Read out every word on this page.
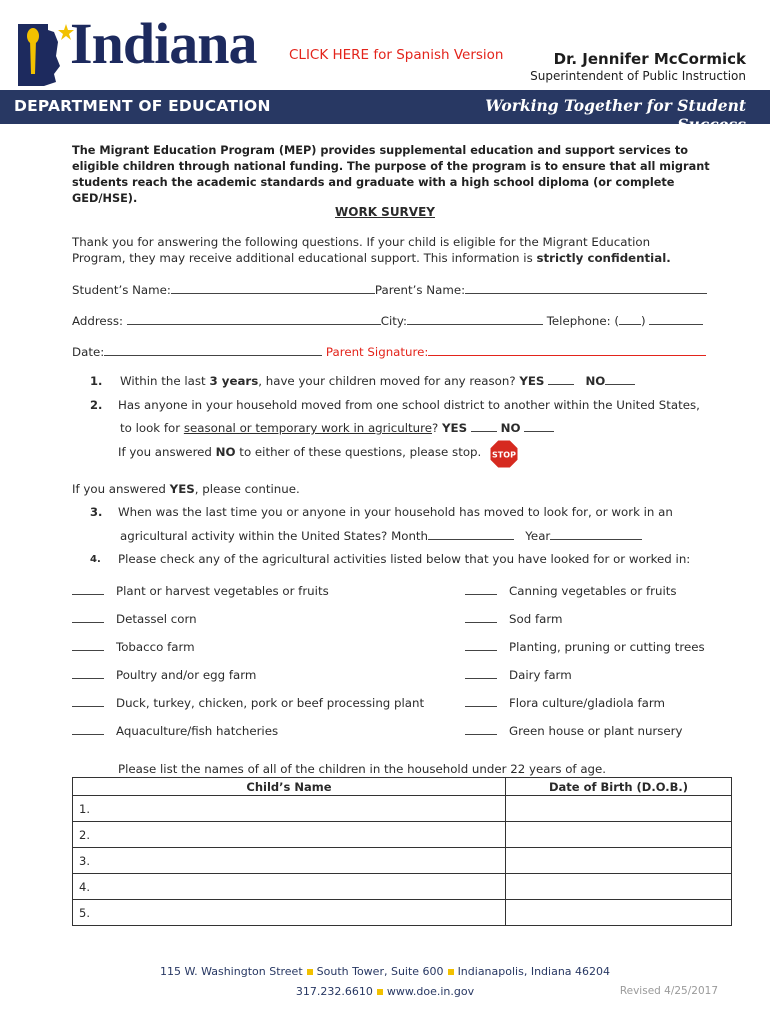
Indiana CLICK HERE for Spanish Version	Dr. Jennifer McCormick
Superintendent of Public Instruction
DEPARTMENT OF EDUCATION	Working Together for Student Success
The Migrant Education Program (MEP) provides supplemental education and support services to eligible children through national funding. The purpose of the program is to ensure that all migrant students reach the academic standards and graduate with a high school diploma (or complete GED/HSE).
WORK SURVEY
Thank you for answering the following questions. If your child is eligible for the Migrant Education
Program, they may receive additional educational support. This information is strictly confidential.
Student’s Name:	Parent’s Name:
Address:	City:	Telephone: ( )
Date:	Parent Signature:
1. Within the last 3 years, have your children moved for any reason? YES	NO
2. Has anyone in your household moved from one school district to another within the United States,
to look for seasonal or temporary work in agriculture? YES	NO
If you answered NO to either of these questions, please stop. STOP
If you answered YES, please continue.
3. When was the last time you or anyone in your household has moved to look for, or work in an
agricultural activity within the United States? Month	Year
4. Please check any of the agricultural activities listed below that you have looked for or worked in:
Plant or harvest vegetables or fruits
Detassel corn
Tobacco farm
Poultry and/or egg farm
Duck, turkey, chicken, pork or beef processing plant
Aquaculture/fish hatcheries
Canning vegetables or fruits
Sod farm
Planting, pruning or cutting trees
Dairy farm
Flora culture/gladiola farm
Green house or plant nursery
Please list the names of all of the children in the household under 22 years of age.
Child’s Name	Date of Birth (D.O.B.)
1.	
2.	
3.	
4.	
5.	
115 W. Washington Street South Tower, Suite 600 Indianapolis, Indiana 46204
317.232.6610 www.doe.in.gov	Revised 4/25/2017
